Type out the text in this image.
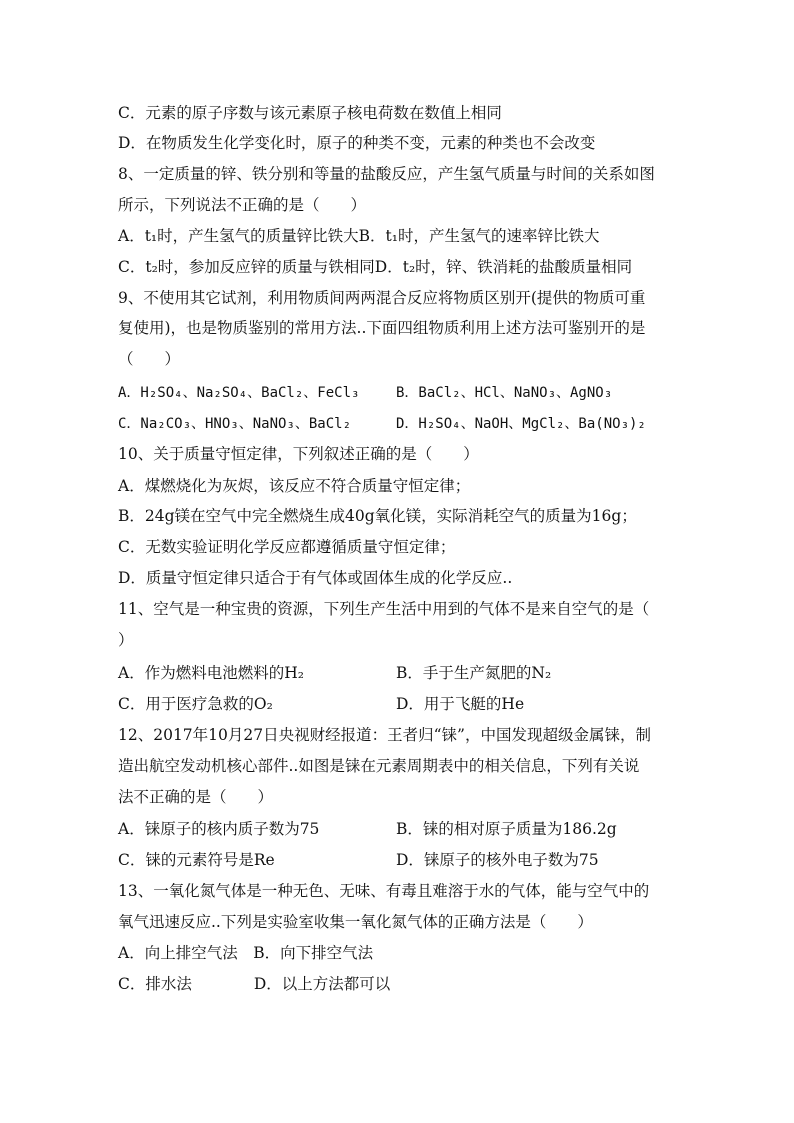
C．元素的原子序数与该元素原子核电荷数在数值上相同
D．在物质发生化学变化时，原子的种类不变，元素的种类也不会改变
8、一定质量的锌、铁分别和等量的盐酸反应，产生氢气质量与时间的关系如图
所示，下列说法不正确的是（　　）
A．t₁时，产生氢气的质量锌比铁大B．t₁时，产生氢气的速率锌比铁大
C．t₂时，参加反应锌的质量与铁相同D．t₂时，锌、铁消耗的盐酸质量相同
9、不使用其它试剂，利用物质间两两混合反应将物质区别开(提供的物质可重
复使用)，也是物质鉴别的常用方法..下面四组物质利用上述方法可鉴别开的是
（　　）
A．H₂SO₄、Na₂SO₄、BaCl₂、FeCl₃	B．BaCl₂、HCl、NaNO₃、AgNO₃
C．Na₂CO₃、HNO₃、NaNO₃、BaCl₂	D．H₂SO₄、NaOH、MgCl₂、Ba(NO₃)₂
10、关于质量守恒定律，下列叙述正确的是（　　）
A．煤燃烧化为灰烬，该反应不符合质量守恒定律；
B．24g镁在空气中完全燃烧生成40g氧化镁，实际消耗空气的质量为16g；
C．无数实验证明化学反应都遵循质量守恒定律；
D．质量守恒定律只适合于有气体或固体生成的化学反应..
11、空气是一种宝贵的资源，下列生产生活中用到的气体不是来自空气的是（
）
A．作为燃料电池燃料的H₂	B．手于生产氮肥的N₂
C．用于医疗急救的O₂	D．用于飞艇的He
12、2017年10月27日央视财经报道：王者归“铼”，中国发现超级金属铼，制
造出航空发动机核心部件..如图是铼在元素周期表中的相关信息，下列有关说
法不正确的是（　　）
A．铼原子的核内质子数为75	B．铼的相对原子质量为186.2g
C．铼的元素符号是Re	D．铼原子的核外电子数为75
13、一氧化氮气体是一种无色、无味、有毒且难溶于水的气体，能与空气中的
氧气迅速反应..下列是实验室收集一氧化氮气体的正确方法是（　　）
A．向上排空气法　B．向下排空气法
C．排水法　　　　D．以上方法都可以
